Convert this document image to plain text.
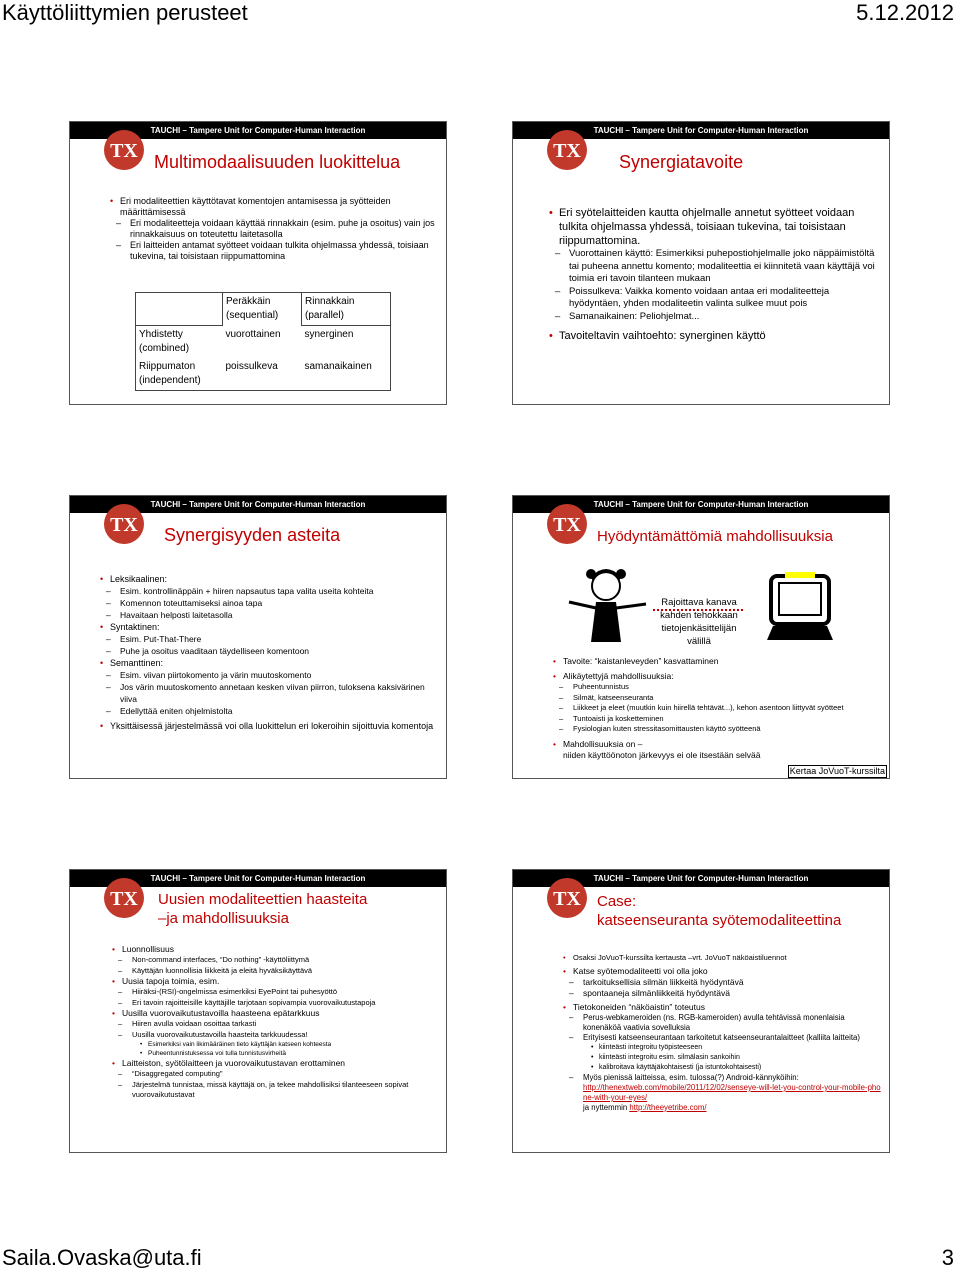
Käyttöliittymien perusteet	5.12.2012
TAUCHI – Tampere Unit for Computer-Human Interaction
TX Multimodaalisuuden luokittelua

• Eri modaliteettien käyttötavat komentojen antamisessa ja syötteiden määrittämisessä

– Eri modaliteetteja voidaan käyttää rinnakkain (esim. puhe ja osoitus) vain jos rinnakkaisuus on toteutettu laitetasolla

– Eri laitteiden antamat syötteet voidaan tulkita ohjelmassa yhdessä, toisiaan tukevina, tai toisistaan riippumattomina

	Peräkkäin (sequential)	Rinnakkain (parallel)
Yhdistetty (combined)	vuorottainen	synerginen
Riippumaton (independent)	poissulkeva	samanaikainen
TAUCHI – Tampere Unit for Computer-Human Interaction
TX Synergiatavoite

• Eri syötelaitteiden kautta ohjelmalle annetut syötteet voidaan tulkita ohjelmassa yhdessä, toisiaan tukevina, tai toisistaan riippumattomina.

– Vuorottainen käyttö: Esimerkiksi puhepostiohjelmalle joko näppäimistöltä tai puheena annettu komento; modaliteettia ei kiinnitetä vaan käyttäjä voi toimia eri tavoin tilanteen mukaan

– Poissulkeva: Vaikka komento voidaan antaa eri modaliteetteja hyödyntäen, yhden modaliteetin valinta sulkee muut pois

– Samanaikainen: Peliohjelmat...

• Tavoiteltavin vaihtoehto: synerginen käyttö

TAUCHI – Tampere Unit for Computer-Human Interaction
TX Synergisyyden asteita

• Leksikaalinen:

– Esim. kontrollinäppäin + hiiren napsautus tapa valita useita kohteita

– Komennon toteuttamiseksi ainoa tapa

– Havaitaan helposti laitetasolla

• Syntaktinen:

– Esim. Put-That-There

– Puhe ja osoitus vaaditaan täydelliseen komentoon

• Semanttinen:

– Esim. viivan piirtokomento ja värin muutoskomento

– Jos värin muutoskomento annetaan kesken viivan piirron, tuloksena kaksivärinen viiva

– Edellyttää eniten ohjelmistolta

• Yksittäisessä järjestelmässä voi olla luokittelun eri lokeroihin sijoittuvia komentoja

TAUCHI – Tampere Unit for Computer-Human Interaction
TX
Hyödyntämättömiä mahdollisuuksia
Rajoittava kanava kahden tehokkaan tietojenkäsittelijän välillä

• Tavoite: “kaistanleveyden” kasvattaminen

• Alikäytettyjä mahdollisuuksia:

– Puheentunnistus

– Silmät, katseenseuranta

– Liikkeet ja eleet (muutkin kuin hiirellä tehtävät...), kehon asentoon liittyvät syötteet

– Tuntoaisti ja kosketteminen

– Fysiologian kuten stressitasomittausten käyttö syötteenä

• Mahdollisuuksia on –

niiden käyttöönoton järkevyys ei ole itsestään selvää
Kertaa JoVuoT-kurssilta
TAUCHI – Tampere Unit for Computer-Human Interaction
TX Uusien modaliteettien haasteita
–ja mahdollisuuksia

• Luonnollisuus

– Non-command interfaces, “Do nothing” -käyttöliittymä

– Käyttäjän luonnollisia liikkeitä ja eleitä hyväksikäyttävä

• Uusia tapoja toimia, esim.

– Hiiräksi-(RSI)-ongelmissa esimerkiksi EyePoint tai puhesyöttö

– Eri tavoin rajoitteisille käyttäjille tarjotaan sopivampia vuorovaikutustapoja

• Uusilla vuorovaikutustavoilla haasteena epätarkkuus

– Hiiren avulla voidaan osoittaa tarkasti

– Uusilla vuorovaikutustavoilla haasteita tarkkuudessa!

• Esimerkiksi vain likimääräinen tieto käyttäjän katseen kohteesta

• Puheentunnistuksessa voi tulla tunnistusvirheitä

• Laitteiston, syötölaitteen ja vuorovaikutustavan erottaminen

– “Disaggregated computing”

– Järjestelmä tunnistaa, missä käyttäjä on, ja tekee mahdollisiksi tilanteeseen sopivat vuorovaikutustavat

TAUCHI – Tampere Unit for Computer-Human Interaction
TX Case:
katseenseuranta syötemodaliteettina

• Osaksi JoVuoT-kurssilta kertausta –vrt. JoVuoT näköaistiluennot

• Katse syötemodaliteetti voi olla joko

– tarkoituksellisia silmän liikkeitä hyödyntävä

– spontaaneja silmänliikkeitä hyödyntävä

• Tietokoneiden “näköaistin” toteutus

– Perus-webkameroiden (ns. RGB-kameroiden) avulla tehtävissä monenlaisia konenäköä vaativia sovelluksia

– Erityisesti katseenseurantaan tarkoitetut katseenseurantalaitteet (kalliita laitteita)

• kiinteästi integroitu työpisteeseen

• kiinteästi integroitu esim. silmälasin sankoihin

• kalibroitava käyttäjäkohtaisesti (ja istuntokohtaisesti)

– Myös pienissä laitteissa, esim. tulossa(?) Android-kännyköihin:
http://thenextweb.com/mobile/2011/12/02/senseye-will-let-you-control-your-mobile-phone-with-your-eyes/
ja nyttemmin http://theeyetribe.com/

Saila.Ovaska@uta.fi	3
